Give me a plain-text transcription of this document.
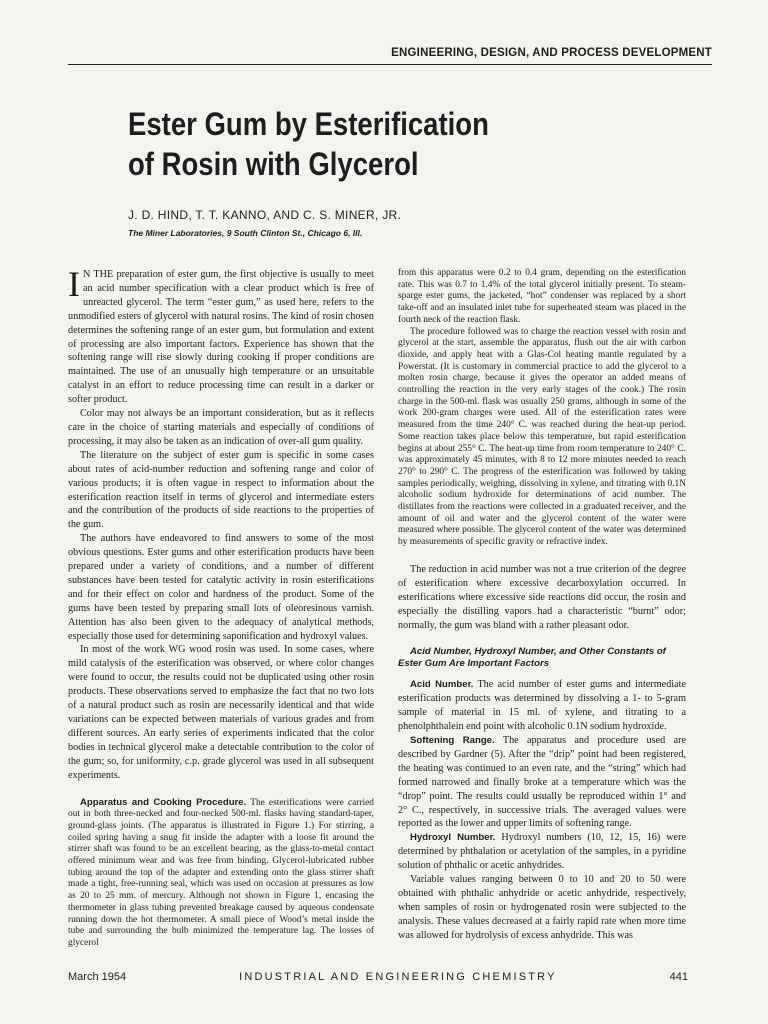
ENGINEERING, DESIGN, AND PROCESS DEVELOPMENT
Ester Gum by Esterification
of Rosin with Glycerol
J. D. HIND, T. T. KANNO, AND C. S. MINER, JR.
The Miner Laboratories, 9 South Clinton St., Chicago 6, Ill.

I N THE preparation of ester gum, the first objective is usually to meet an acid number specification with a clear product which is free of unreacted glycerol. The term “ester gum,” as used here, refers to the unmodified esters of glycerol with natural rosins. The kind of rosin chosen determines the softening range of an ester gum, but formulation and extent of processing are also important factors. Experience has shown that the softening range will rise slowly during cooking if proper conditions are maintained. The use of an unusually high temperature or an unsuitable catalyst in an effort to reduce processing time can result in a darker or softer product.

Color may not always be an important consideration, but as it reflects care in the choice of starting materials and especially of conditions of processing, it may also be taken as an indication of over-all gum quality.

The literature on the subject of ester gum is specific in some cases about rates of acid-number reduction and softening range and color of various products; it is often vague in respect to information about the esterification reaction itself in terms of glycerol and intermediate esters and the contribution of the products of side reactions to the properties of the gum.

The authors have endeavored to find answers to some of the most obvious questions. Ester gums and other esterification products have been prepared under a variety of conditions, and a number of different substances have been tested for catalytic activity in rosin esterifications and for their effect on color and hardness of the product. Some of the gums have been tested by preparing small lots of oleoresinous varnish. Attention has also been given to the adequacy of analytical methods, especially those used for determining saponification and hydroxyl values.

In most of the work WG wood rosin was used. In some cases, where mild catalysis of the esterification was observed, or where color changes were found to occur, the results could not be duplicated using other rosin products. These observations served to emphasize the fact that no two lots of a natural product such as rosin are necessarily identical and that wide variations can be expected between materials of various grades and from different sources. An early series of experiments indicated that the color bodies in technical glycerol make a detectable contribution to the color of the gum; so, for uniformity, c.p. grade glycerol was used in all subsequent experiments.

Apparatus and Cooking Procedure. The esterifications were carried out in both three-necked and four-necked 500-ml. flasks having standard-taper, ground-glass joints. (The apparatus is illustrated in Figure 1.) For stirring, a coiled spring having a snug fit inside the adapter with a loose fit around the stirrer shaft was found to be an excellent bearing, as the glass-to-metal contact offered minimum wear and was free from binding. Glycerol-lubricated rubber tubing around the top of the adapter and extending onto the glass stirrer shaft made a tight, free-running seal, which was used on occasion at pressures as low as 20 to 25 mm. of mercury. Although not shown in Figure 1, encasing the thermometer in glass tubing prevented breakage caused by aqueous condensate running down the hot thermometer. A small piece of Wood’s metal inside the tube and surrounding the bulb minimized the temperature lag. The losses of glycerol

from this apparatus were 0.2 to 0.4 gram, depending on the esterification rate. This was 0.7 to 1.4% of the total glycerol initially present. To steam-sparge ester gums, the jacketed, “hot” condenser was replaced by a short take-off and an insulated inlet tube for superheated steam was placed in the fourth neck of the reaction flask.

The procedure followed was to charge the reaction vessel with rosin and glycerol at the start, assemble the apparatus, flush out the air with carbon dioxide, and apply heat with a Glas-Col heating mantle regulated by a Powerstat. (It is customary in commercial practice to add the glycerol to a molten rosin charge, because it gives the operator an added means of controlling the reaction in the very early stages of the cook.) The rosin charge in the 500-ml. flask was usually 250 grams, although in some of the work 200-gram charges were used. All of the esterification rates were measured from the time 240° C. was reached during the heat-up period. Some reaction takes place below this temperature, but rapid esterification begins at about 255° C. The heat-up time from room temperature to 240° C. was approximately 45 minutes, with 8 to 12 more minutes needed to reach 270° to 290° C. The progress of the esterification was followed by taking samples periodically, weighing, dissolving in xylene, and titrating with 0.1N alcoholic sodium hydroxide for determinations of acid number. The distillates from the reactions were collected in a graduated receiver, and the amount of oil and water and the glycerol content of the water were measured where possible. The glycerol content of the water was determined by measurements of specific gravity or refractive index.

The reduction in acid number was not a true criterion of the degree of esterification where excessive decarboxylation occurred. In esterifications where excessive side reactions did occur, the rosin and especially the distilling vapors had a characteristic “burnt” odor; normally, the gum was bland with a rather pleasant odor.

Acid Number, Hydroxyl Number, and Other Constants of Ester Gum Are Important Factors

Acid Number. The acid number of ester gums and intermediate esterification products was determined by dissolving a 1- to 5-gram sample of material in 15 ml. of xylene, and titrating to a phenolphthalein end point with alcoholic 0.1N sodium hydroxide.

Softening Range. The apparatus and procedure used are described by Gardner (5). After the “drip” point had been registered, the heating was continued to an even rate, and the “string” which had formed narrowed and finally broke at a temperature which was the “drop” point. The results could usually be reproduced within 1° and 2° C., respectively, in successive trials. The averaged values were reported as the lower and upper limits of softening range.

Hydroxyl Number. Hydroxyl numbers (10, 12, 15, 16) were determined by phthalation or acetylation of the samples, in a pyridine solution of phthalic or acetic anhydrides.

Variable values ranging between 0 to 10 and 20 to 50 were obtained with phthalic anhydride or acetic anhydride, respectively, when samples of rosin or hydrogenated rosin were subjected to the analysis. These values decreased at a fairly rapid rate when more time was allowed for hydrolysis of excess anhydride. This was

March 1954	INDUSTRIAL AND ENGINEERING CHEMISTRY	441
